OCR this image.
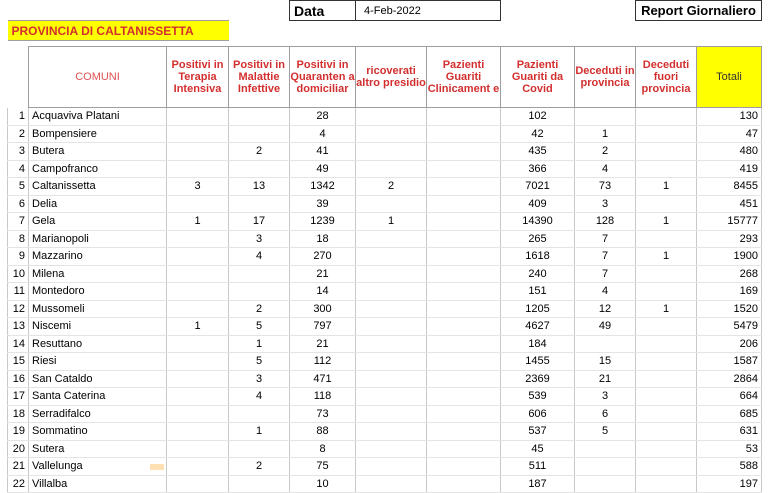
				Data	4-Feb-2022				Report Giornaliero		
PROVINCIA DI CALTANISSETTA											

	COMUNI	Positivi in Terapia Intensiva	Positivi in Malattie Infettive	Positivi in Quaranten a domiciliar	ricoverati altro presidio	Pazienti Guariti Clinicament e	Pazienti Guariti da Covid	Deceduti in provincia	Deceduti fuori provincia	Totali	
1	Acquaviva Platani			28			102			130	
2	Bompensiere			4			42	1		47	
3	Butera		2	41			435	2		480	
4	Campofranco			49			366	4		419	
5	Caltanissetta	3	13	1342	2		7021	73	1	8455	
6	Delia			39			409	3		451	
7	Gela	1	17	1239	1		14390	128	1	15777	
8	Marianopoli		3	18			265	7		293	
9	Mazzarino		4	270			1618	7	1	1900	
10	Milena			21			240	7		268	
11	Montedoro			14			151	4		169	
12	Mussomeli		2	300			1205	12	1	1520	
13	Niscemi	1	5	797			4627	49		5479	
14	Resuttano		1	21			184			206	
15	Riesi		5	112			1455	15		1587	
16	San Cataldo		3	471			2369	21		2864	
17	Santa Caterina		4	118			539	3		664	
18	Serradifalco			73			606	6		685	
19	Sommatino		1	88			537	5		631	
20	Sutera			8			45			53	
21	Vallelunga		2	75			511			588	
22	Villalba			10			187			197	
